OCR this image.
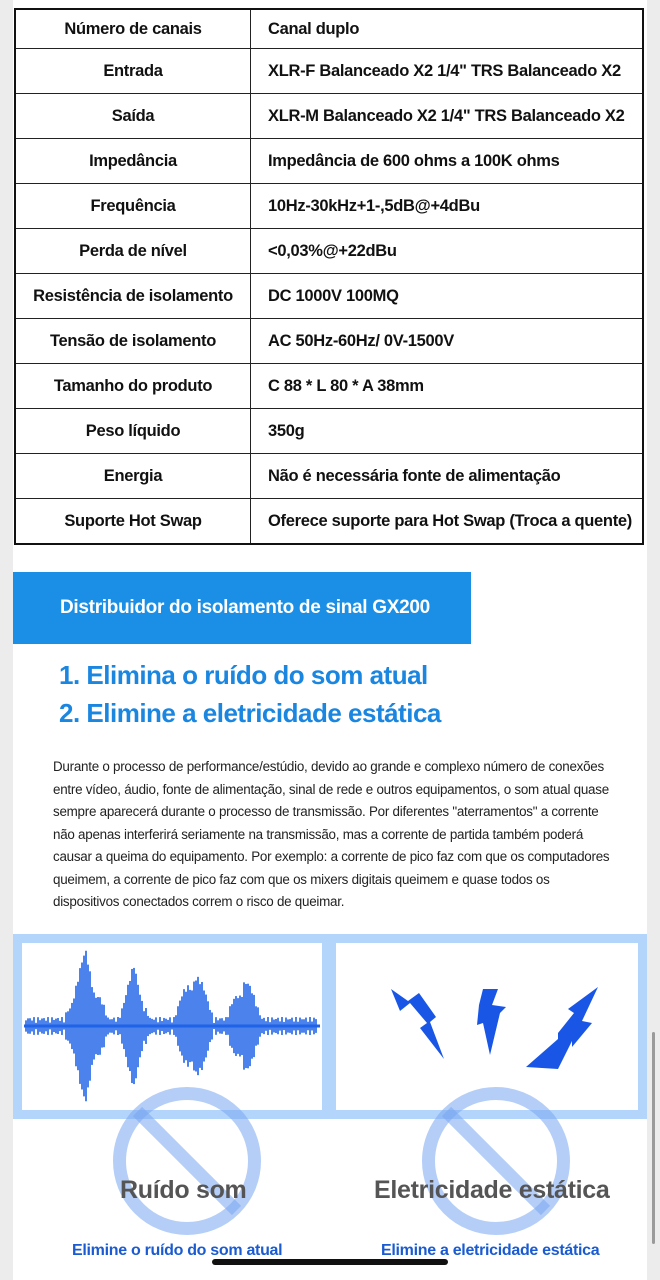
Número de canais	Canal duplo
Entrada	XLR-F Balanceado X2 1/4" TRS Balanceado X2
Saída	XLR-M Balanceado X2 1/4" TRS Balanceado X2
Impedância	Impedância de 600 ohms a 100K ohms
Frequência	10Hz-30kHz+1-,5dB@+4dBu
Perda de nível	<0,03%@+22dBu
Resistência de isolamento	DC 1000V 100MQ
Tensão de isolamento	AC 50Hz-60Hz/ 0V-1500V
Tamanho do produto	C 88 * L 80 * A 38mm
Peso líquido	350g
Energia	Não é necessária fonte de alimentação
Suporte Hot Swap	Oferece suporte para Hot Swap (Troca a quente)
Distribuidor do isolamento de sinal GX200
1. Elimina o ruído do som atual
2. Elimine a eletricidade estática
Durante o processo de performance/estúdio, devido ao grande e complexo número de conexões entre vídeo, áudio, fonte de alimentação, sinal de rede e outros equipamentos, o som atual quase sempre aparecerá durante o processo de transmissão. Por diferentes "aterramentos" a corrente não apenas interferirá seriamente na transmissão, mas a corrente de partida também poderá causar a queima do equipamento. Por exemplo: a corrente de pico faz com que os computadores queimem, a corrente de pico faz com que os mixers digitais queimem e quase todos os dispositivos conectados correm o risco de queimar.
Ruído som	Eletricidade estática
Elimine o ruído do som atual	Elimine a eletricidade estática
